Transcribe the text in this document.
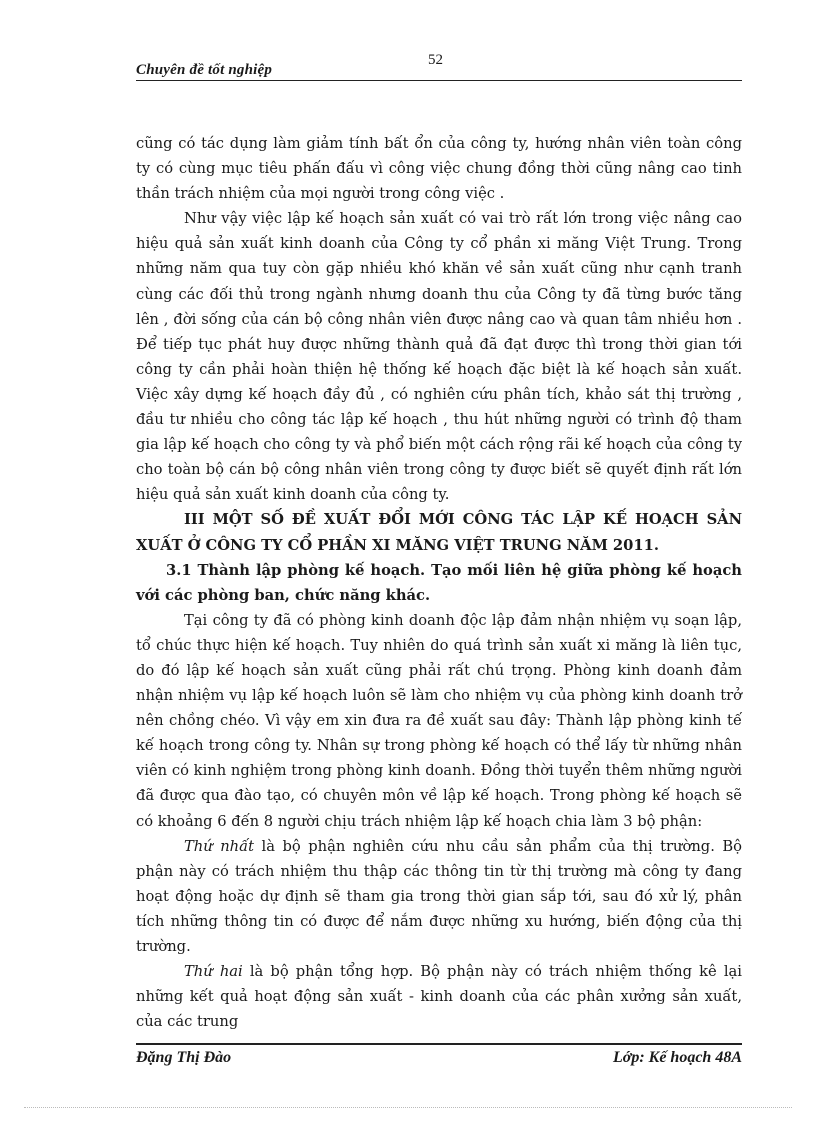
Chuyên đề tốt nghiệp
52

cũng có tác dụng làm giảm tính bất ổn của công ty, hướng nhân viên toàn công ty có cùng mục tiêu phấn đấu vì công việc chung đồng thời cũng nâng cao tinh thần trách nhiệm của mọi người trong công việc .

Như vậy việc lập kế hoạch sản xuất có vai trò rất lớn trong việc nâng cao hiệu quả sản xuất kinh doanh của Công ty cổ phần xi măng Việt Trung. Trong những năm qua tuy còn gặp nhiều khó khăn về sản xuất cũng như cạnh tranh cùng các đối thủ trong ngành nhưng doanh thu của Công ty đã từng bước tăng lên , đời sống của cán bộ công nhân viên được nâng cao và quan tâm nhiều hơn . Để tiếp tục phát huy được những thành quả đã đạt được thì trong thời gian tới công ty cần phải hoàn thiện hệ thống kế hoạch đặc biệt là kế hoạch sản xuất. Việc xây dựng kế hoạch đầy đủ , có nghiên cứu phân tích, khảo sát thị trường , đầu tư nhiều cho công tác lập kế hoạch , thu hút những người có trình độ tham gia lập kế hoạch cho công ty và phổ biến một cách rộng rãi kế hoạch của công ty cho toàn bộ cán bộ công nhân viên trong công ty được biết sẽ quyết định rất lớn hiệu quả sản xuất kinh doanh của công ty.

III MỘT SỐ ĐỀ XUẤT ĐỔI MỚI CÔNG TÁC LẬP KẾ HOẠCH SẢN XUẤT Ở CÔNG TY CỔ PHẦN XI MĂNG VIỆT TRUNG NĂM 2011.

3.1 Thành lập phòng kế hoạch. Tạo mối liên hệ giữa phòng kế hoạch với các phòng ban, chức năng khác.

Tại công ty đã có phòng kinh doanh độc lập đảm nhận nhiệm vụ soạn lập, tổ chúc thực hiện kế hoạch. Tuy nhiên do quá trình sản xuất xi măng là liên tục, do đó lập kế hoạch sản xuất cũng phải rất chú trọng. Phòng kinh doanh đảm nhận nhiệm vụ lập kế hoạch luôn sẽ làm cho nhiệm vụ của phòng kinh doanh trở nên chồng chéo. Vì vậy em xin đưa ra đề xuất sau đây: Thành lập phòng kinh tế kế hoạch trong công ty. Nhân sự trong phòng kế hoạch có thể lấy từ những nhân viên có kinh nghiệm trong phòng kinh doanh. Đồng thời tuyển thêm những người đã được qua đào tạo, có chuyên môn về lập kế hoạch. Trong phòng kế hoạch sẽ có khoảng 6 đến 8 người chịu trách nhiệm lập kế hoạch chia làm 3 bộ phận:

Thứ nhất là bộ phận nghiên cứu nhu cầu sản phẩm của thị trường. Bộ phận này có trách nhiệm thu thập các thông tin từ thị trường mà công ty đang hoạt động hoặc dự định sẽ tham gia trong thời gian sắp tới, sau đó xử lý, phân tích những thông tin có được để nắm được những xu hướng, biến động của thị trường.

Thứ hai là bộ phận tổng hợp. Bộ phận này có trách nhiệm thống kê lại những kết quả hoạt động sản xuất - kinh doanh của các phân xưởng sản xuất, của các trung

Đặng Thị Đào	Lớp: Kế hoạch 48A
